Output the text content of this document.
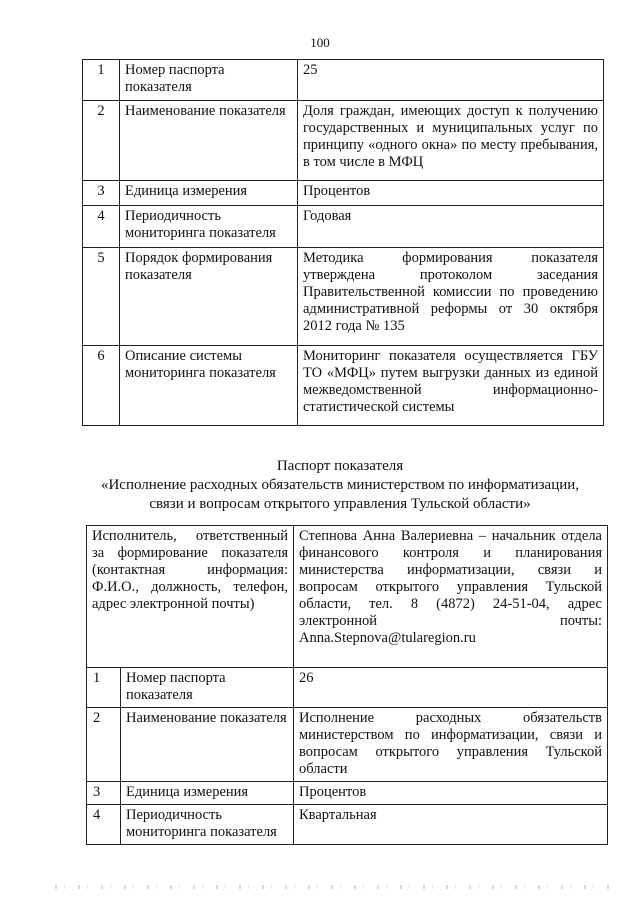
100
1	Номер паспорта показателя	25
2	Наименование показателя	Доля граждан, имеющих доступ к получению государственных и муниципальных услуг по принципу «одного окна» по месту пребывания, в том числе в МФЦ
3	Единица измерения	Процентов
4	Периодичность мониторинга показателя	Годовая
5	Порядок формирования показателя	Методика формирования показателя утверждена протоколом заседания Правительственной комиссии по проведению административной реформы от 30 октября 2012 года № 135
6	Описание системы мониторинга показателя	Мониторинг показателя осуществляется ГБУ ТО «МФЦ» путем выгрузки данных из единой межведомственной информационно-статистической системы
Паспорт показателя
«Исполнение расходных обязательств министерством по информатизации,
связи и вопросам открытого управления Тульской области»
Исполнитель, ответственный за формирование показателя (контактная информация: Ф.И.О., должность, телефон, адрес электронной почты)		Степнова Анна Валериевна – начальник отдела финансового контроля и планирования министерства информатизации, связи и вопросам открытого управления Тульской области, тел. 8 (4872) 24-51-04, адрес электронной почты: Anna.Stepnova@tularegion.ru
1	Номер паспорта показателя	26
2	Наименование показателя	Исполнение расходных обязательств министерством по информатизации, связи и вопросам открытого управления Тульской области
3	Единица измерения	Процентов
4	Периодичность мониторинга показателя	Квартальная
